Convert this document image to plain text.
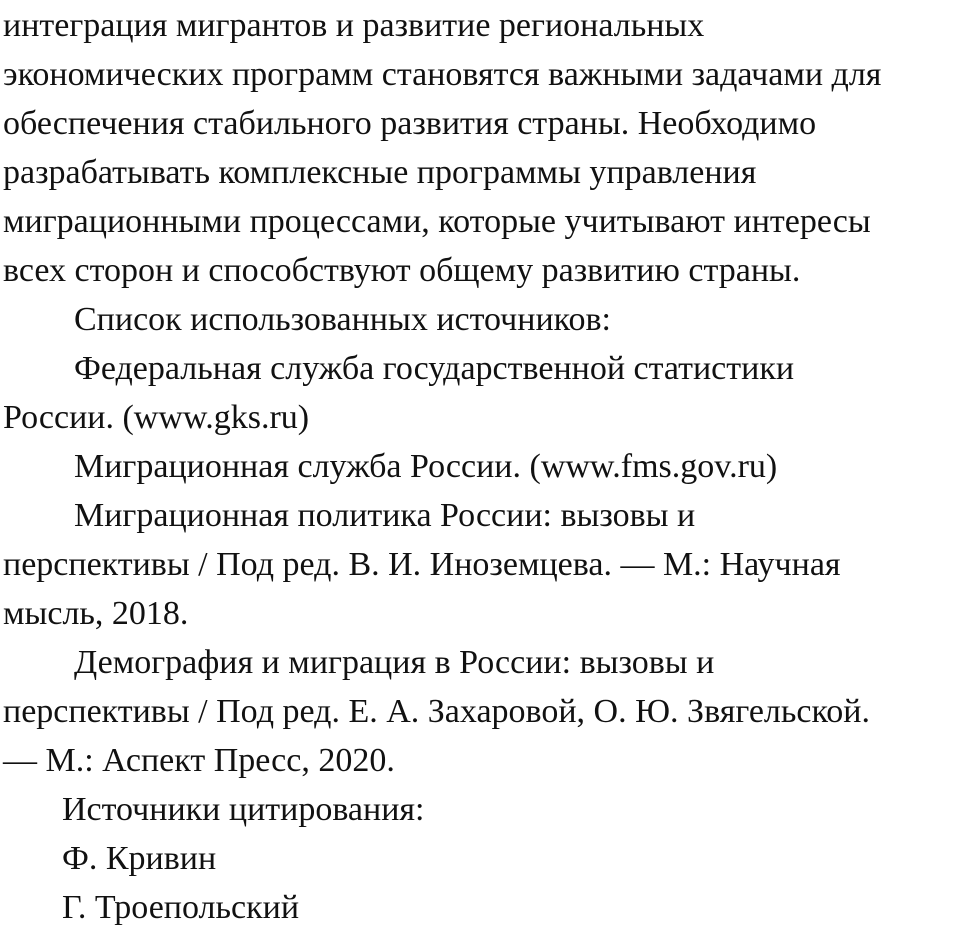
интеграция мигрантов и развитие региональных
экономических программ становятся важными задачами для
обеспечения стабильного развития страны. Необходимо
разрабатывать комплексные программы управления
миграционными процессами, которые учитывают интересы
всех сторон и способствуют общему развитию страны.
Список использованных источников:
Федеральная служба государственной статистики
России. (www.gks.ru)
Миграционная служба России. (www.fms.gov.ru)
Миграционная политика России: вызовы и
перспективы / Под ред. В. И. Иноземцева. — М.: Научная
мысль, 2018.
Демография и миграция в России: вызовы и
перспективы / Под ред. Е. А. Захаровой, О. Ю. Звягельской.
— М.: Аспект Пресс, 2020.
Источники цитирования:
Ф. Кривин
Г. Троепольский
